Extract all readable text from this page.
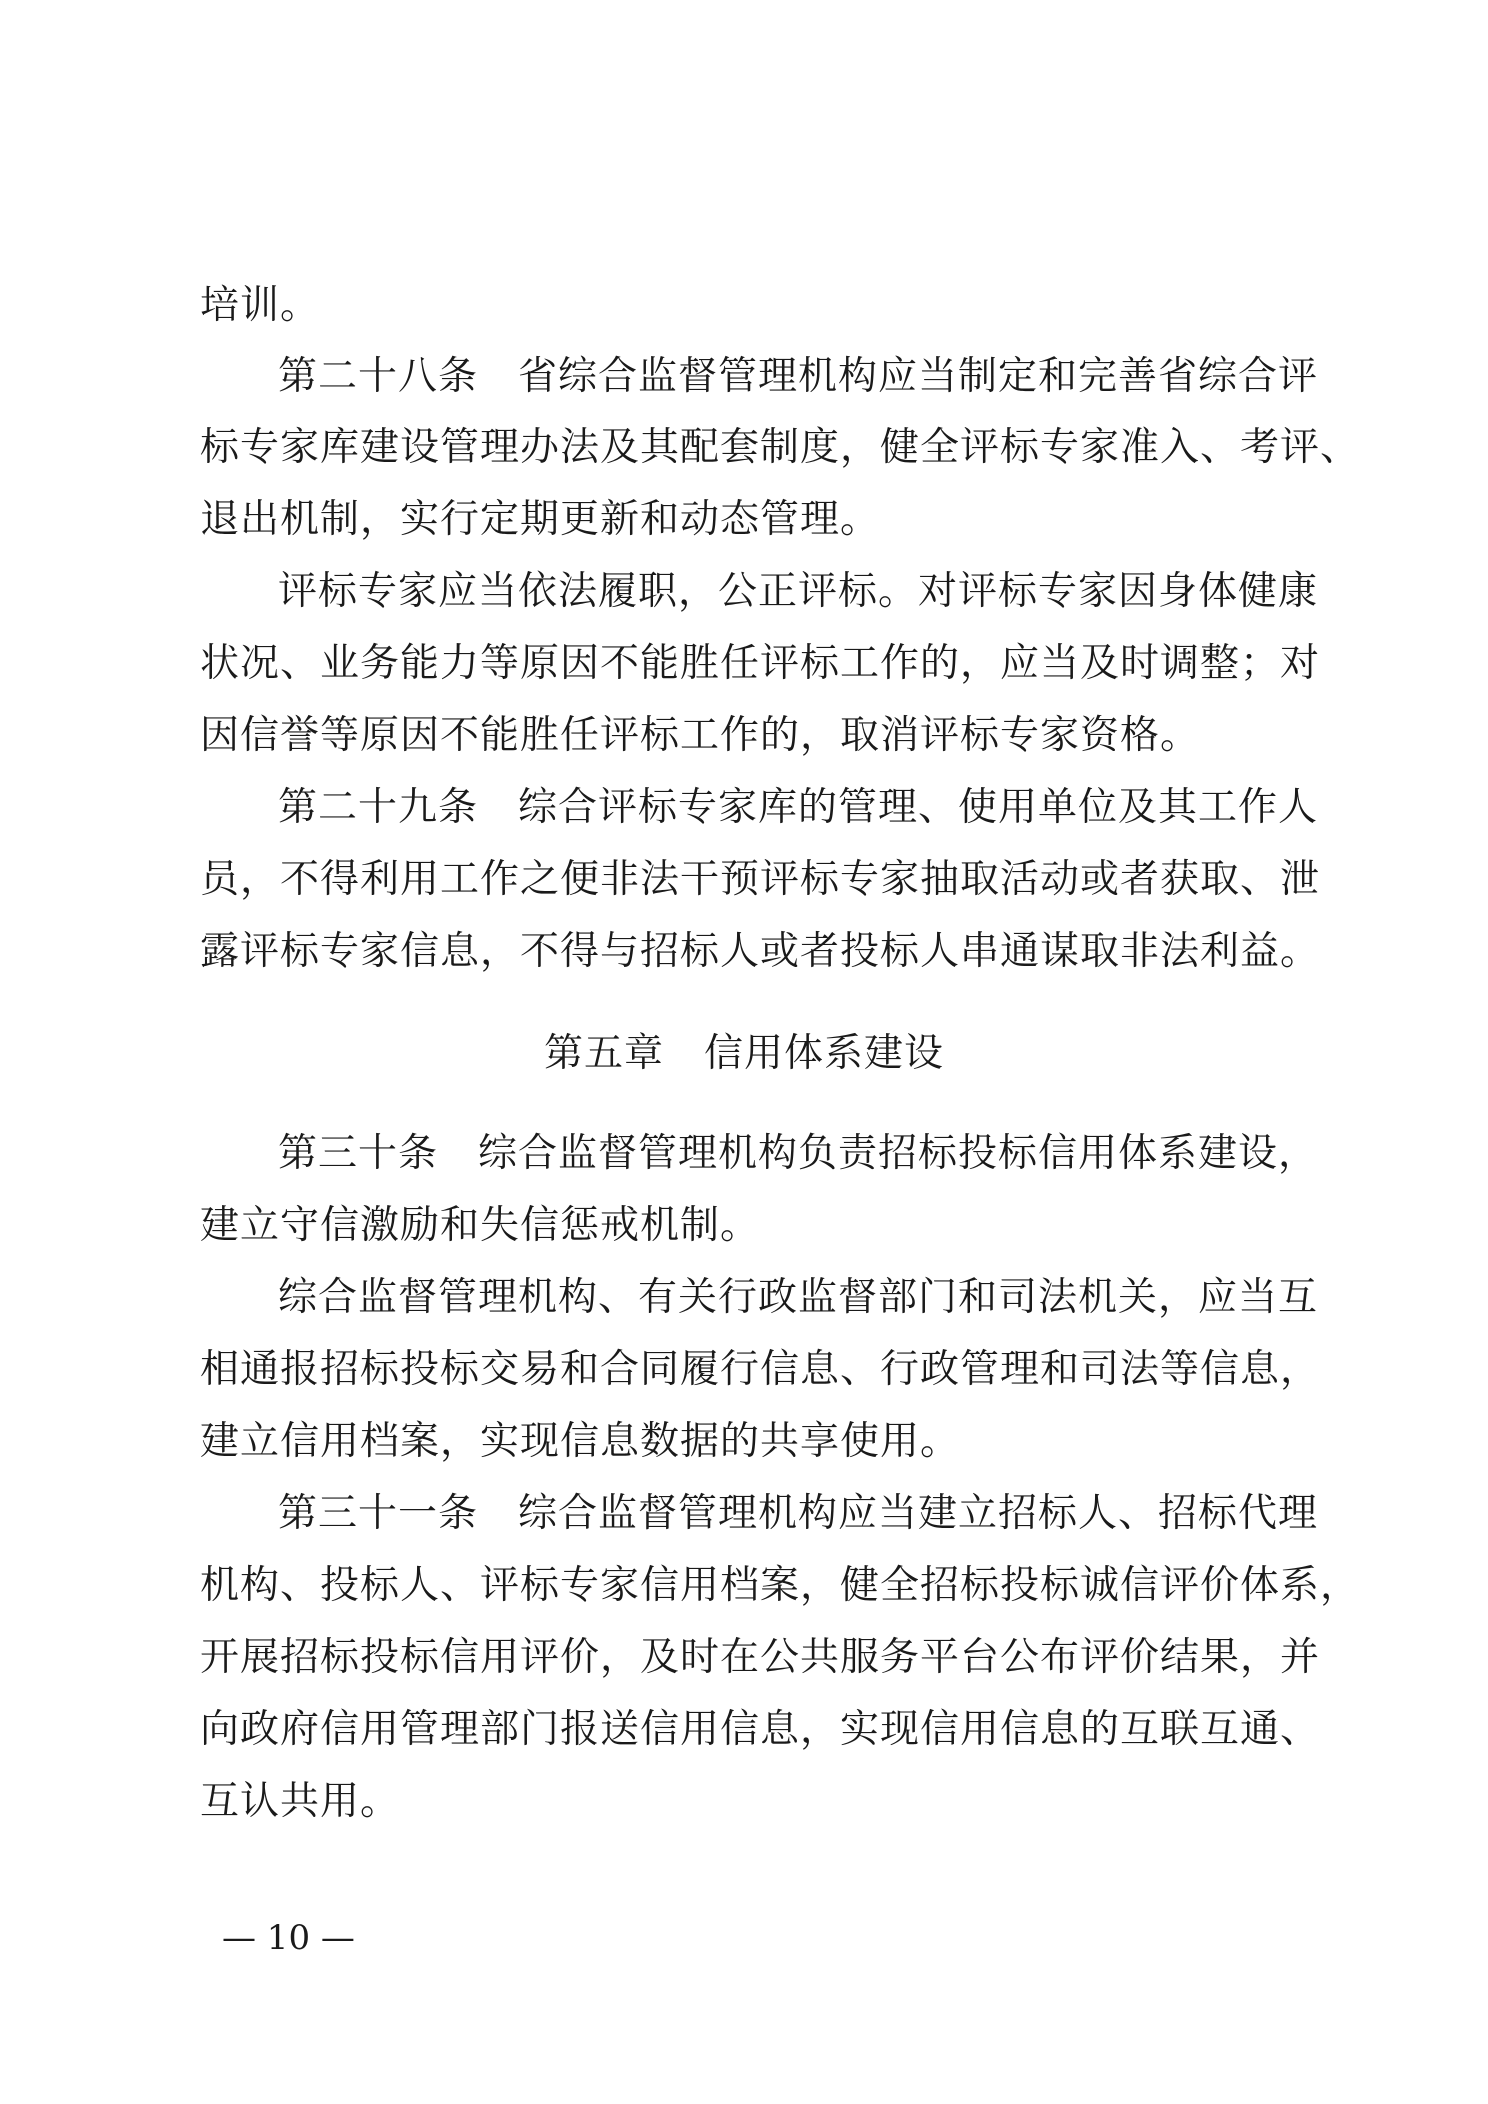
培训。
第二十八条　省综合监督管理机构应当制定和完善省综合评
标专家库建设管理办法及其配套制度，健全评标专家准入、考评、
退出机制，实行定期更新和动态管理。
评标专家应当依法履职，公正评标。对评标专家因身体健康
状况、业务能力等原因不能胜任评标工作的，应当及时调整；对
因信誉等原因不能胜任评标工作的，取消评标专家资格。
第二十九条　综合评标专家库的管理、使用单位及其工作人
员，不得利用工作之便非法干预评标专家抽取活动或者获取、泄
露评标专家信息，不得与招标人或者投标人串通谋取非法利益。
第五章　信用体系建设
第三十条　综合监督管理机构负责招标投标信用体系建设，
建立守信激励和失信惩戒机制。
综合监督管理机构、有关行政监督部门和司法机关，应当互
相通报招标投标交易和合同履行信息、行政管理和司法等信息，
建立信用档案，实现信息数据的共享使用。
第三十一条　综合监督管理机构应当建立招标人、招标代理
机构、投标人、评标专家信用档案，健全招标投标诚信评价体系，
开展招标投标信用评价，及时在公共服务平台公布评价结果，并
向政府信用管理部门报送信用信息，实现信用信息的互联互通、
互认共用。
— 10 —
